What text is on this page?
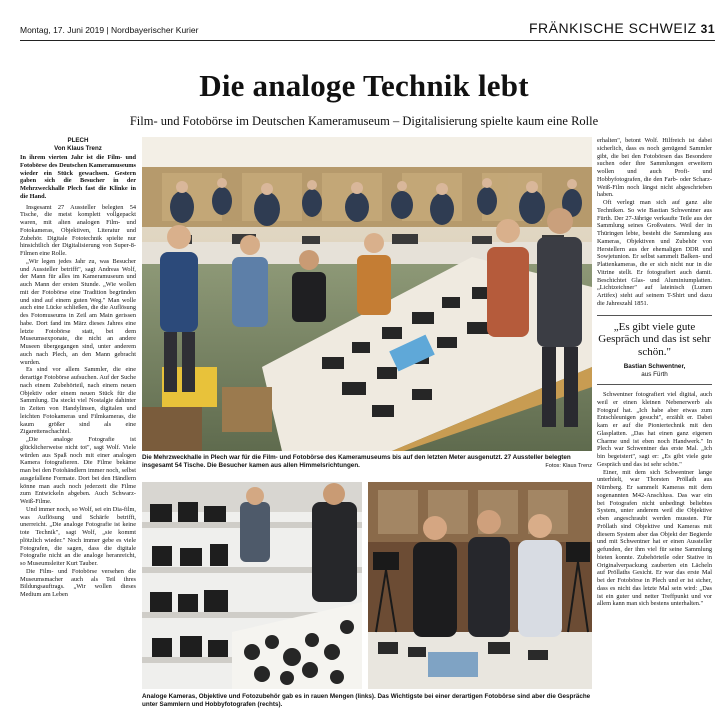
Montag, 17. Juni 2019 | Nordbayerischer Kurier	FRÄNKISCHE SCHWEIZ 31
Die analoge Technik lebt
Film- und Fotobörse im Deutschen Kameramuseum – Digitalisierung spielte kaum eine Rolle
PLECH
Von Klaus Trenz

In ihrem vierten Jahr ist die Film- und Fotobörse des Deutschen Kameramuseums wieder ein Stück gewachsen. Gestern gaben sich die Besucher in der Mehrzweckhalle Plech fast die Klinke in die Hand.

Insgesamt 27 Aussteller belegten 54 Tische, die meist komplett vollgepackt waren, mit alten analogen Film- und Fotokameras, Objektiven, Literatur und Zubehör. Digitale Fototechnik spielte nur hinsichtlich der Digitalisierung von Super-8-Filmen eine Rolle.

„Wir legen jedes Jahr zu, was Besucher und Aussteller betrifft", sagt Andreas Wolf, der Mann für alles im Kameramuseum und auch Mann der ersten Stunde. „Wie wollen mit der Fotobörse eine Tradition begründen und sind auf einem guten Weg." Man wolle auch eine Lücke schließen, die die Auflösung des Fotomuseums in Zeil am Main gerissen habe. Dort fand im März dieses Jahres eine letzte Fotobörse statt, bei dem Museumsexponate, die nicht an andere Museen übergegangen sind, unter anderem auch nach Plech, an den Mann gebracht wurden.

Es sind vor allem Sammler, die eine derartige Fotobörse aufsuchen. Auf der Suche nach einem Zubehörteil, nach einem neuen Objektiv oder einem neuen Stück für die Sammlung. Da steckt viel Nostalgie dahinter in Zeiten von Handylinsen, digitalen und leichten Fotokameras und Filmkameras, die kaum größer sind als eine Zigarettenschachtel.

„Die analoge Fotografie ist glücklicherweise nicht tot", sagt Wolf. Viele würden aus Spaß noch mit einer analogen Kamera fotografieren. Die Filme bekäme man bei den Fotohändlern immer noch, selbst ausgefallene Formate. Dort bei den Händlern könne man auch noch jederzeit die Filme zum Entwickeln abgeben. Auch Schwarz-Weiß-Filme.

Und immer noch, so Wolf, sei ein Dia-film, was Auflösung und Schärfe betrifft, unerreicht. „Die analoge Fotografie ist keine tote Technik", sagt Wolf, „sie kommt plötzlich wieder." Noch immer gebe es viele Fotografen, die sagen, dass die digitale Fotografie nicht an die analoge heranreicht, so Museumsleiter Kurt Tauber.

Die Film- und Fotobörse versehen die Museumsmacher auch als Teil ihres Bildungsauftrags. „Wir wollen dieses Medium am Leben

Die Mehrzweckhalle in Plech war für die Film- und Fotobörse des Kameramuseums bis auf den letzten Meter ausgenutzt. 27 Aussteller belegten insgesamt 54 Tische. Die Besucher kamen aus allen Himmelsrichtungen.	Fotos: Klaus Trenz
Analoge Kameras, Objektive und Fotozubehör gab es in rauen Mengen (links). Das Wichtigste bei einer derartigen Fotobörse sind aber die Gespräche unter Sammlern und Hobbyfotografen (rechts).

erhalten", betont Wolf. Hilfreich ist dabei sicherlich, dass es noch genügend Sammler gibt, die bei den Fotobörsen das Besondere suchen oder ihre Sammlungen erweitern wollen und auch Profi- und Hobbyfotografen, die den Farb- oder Scharz-Weiß-Film noch längst nicht abgeschrieben haben.

Oft verlegt man sich auf ganz alte Techniken. So wie Bastian Schwentner aus Fürth. Der 27-Jährige verkaufte Teile aus der Sammlung seines Großvaters. Weil der in Thüringen lebte, besteht die Sammlung aus Kameras, Objektiven und Zubehör von Herstellern aus der ehemaligen DDR und Sowjetunion. Er selbst sammelt Balken- und Plattenkameras, die er sich nicht nur in die Vitrine stellt. Er fotografiert auch damit. Beschichtet Glas- und Aluminiumplatten. „Lichtzeichner" auf lateinisch (Lumen Artifex) steht auf seinem T-Shirt und dazu die Jahreszahl 1851.

„Es gibt viele gute Gespräch und das ist sehr schön."
Bastian Schwentner,
aus Fürth

Schwentner fotografiert viel digital, auch weil er einen kleinen Nebenerwerb als Fotograf hat. „Ich habe aber etwas zum Entschleunigen gesucht", erzählt er. Dabei kam er auf die Pioniertechnik mit den Glasplatten. „Das hat einen ganz eigenen Charme und ist eben noch Handwerk." In Plech war Schwentner das erste Mal. „Ich bin begeistert", sagt er: „Es gibt viele gute Gespräch und das ist sehr schön."

Einer, mit dem sich Schwentner lange unterhielt, war Thorsten Pröllath aus Nürnberg. Er sammelt Kameras mit dem sogenannten M42-Anschluss. Das war ein bei Fotografen nicht unbedingt beliebtes System, unter anderem weil die Objektive eben angeschraubt werden mussten. Für Pröllath sind Objektive und Kameras mit diesem System aber das Objekt der Begierde und mit Schwentner hat er einen Aussteller gefunden, der ihm viel für seine Sammlung bieten konnte. Zubehörteile oder Stative in Originalverpackung zauberten ein Lächeln auf Pröllaths Gesicht. Er war das erste Mal bei der Fotobörse in Plech und er ist sicher, dass es nicht das letzte Mal sein wird: „Das ist ein guter und netter Treffpunkt und vor allem kann man sich bestens unterhalten."
